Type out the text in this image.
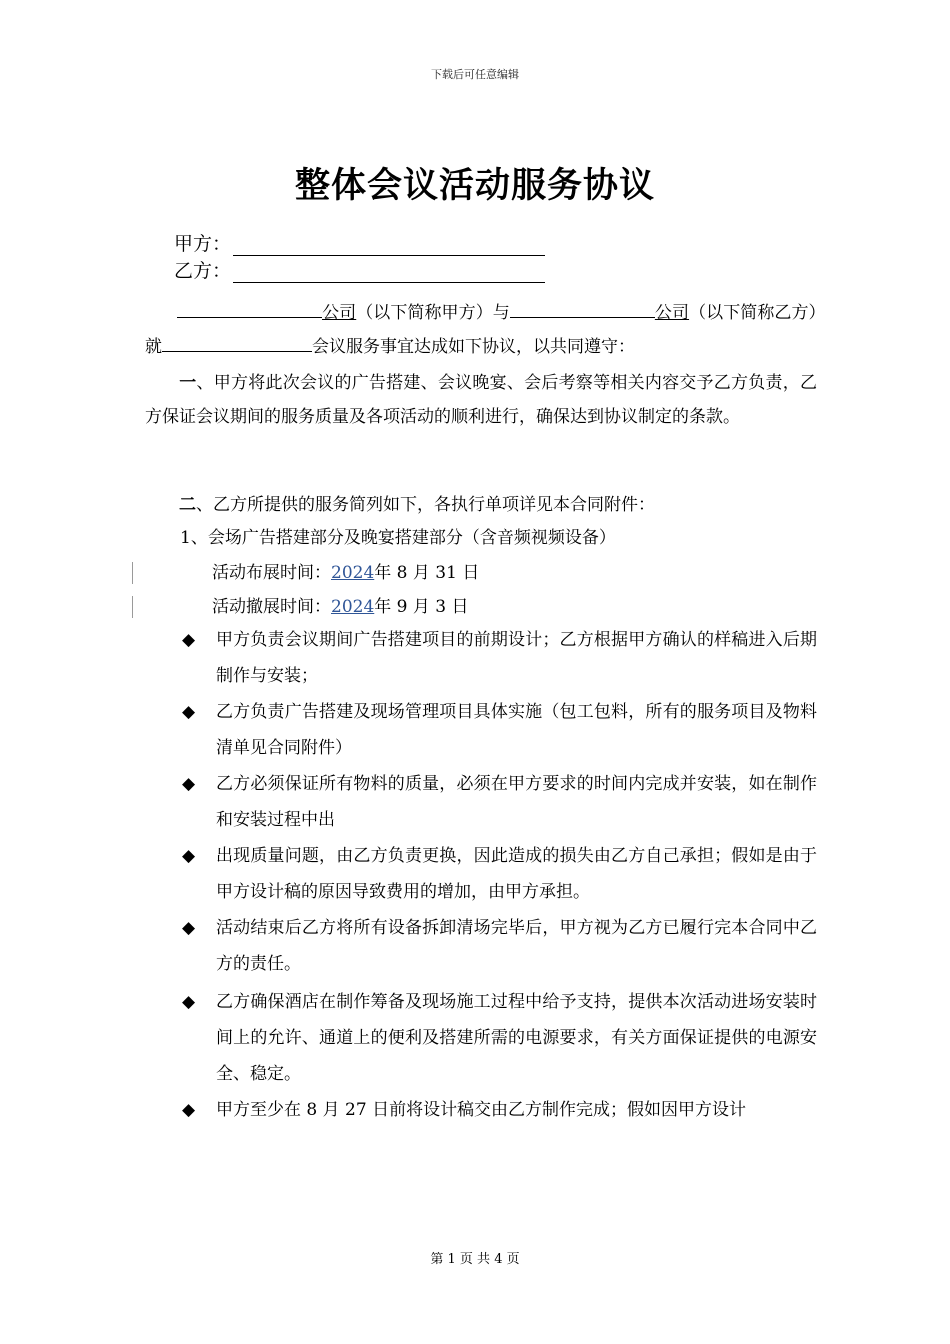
下载后可任意编辑
整体会议活动服务协议
甲方：
乙方：
公司（以下简称甲方）与	公司（以下简称乙方）就	会议服务事宜达成如下协议，以共同遵守：
一、甲方将此次会议的广告搭建、会议晚宴、会后考察等相关内容交予乙方负责，乙方保证会议期间的服务质量及各项活动的顺利进行，确保达到协议制定的条款。
二、乙方所提供的服务简列如下，各执行单项详见本合同附件：
1、会场广告搭建部分及晚宴搭建部分（含音频视频设备）
活动布展时间：2024年 8 月 31 日
活动撤展时间：2024年 9 月 3 日
◆ 甲方负责会议期间广告搭建项目的前期设计；乙方根据甲方确认的样稿进入后期制作与安装；
◆ 乙方负责广告搭建及现场管理项目具体实施（包工包料，所有的服务项目及物料清单见合同附件）
◆ 乙方必须保证所有物料的质量，必须在甲方要求的时间内完成并安装，如在制作和安装过程中出
◆ 出现质量问题，由乙方负责更换，因此造成的损失由乙方自己承担；假如是由于甲方设计稿的原因导致费用的增加，由甲方承担。
◆ 活动结束后乙方将所有设备拆卸清场完毕后，甲方视为乙方已履行完本合同中乙方的责任。
◆ 乙方确保酒店在制作筹备及现场施工过程中给予支持，提供本次活动进场安装时间上的允许、通道上的便利及搭建所需的电源要求，有关方面保证提供的电源安全、稳定。
◆ 甲方至少在 8 月 27 日前将设计稿交由乙方制作完成；假如因甲方设计
第 1 页 共 4 页
